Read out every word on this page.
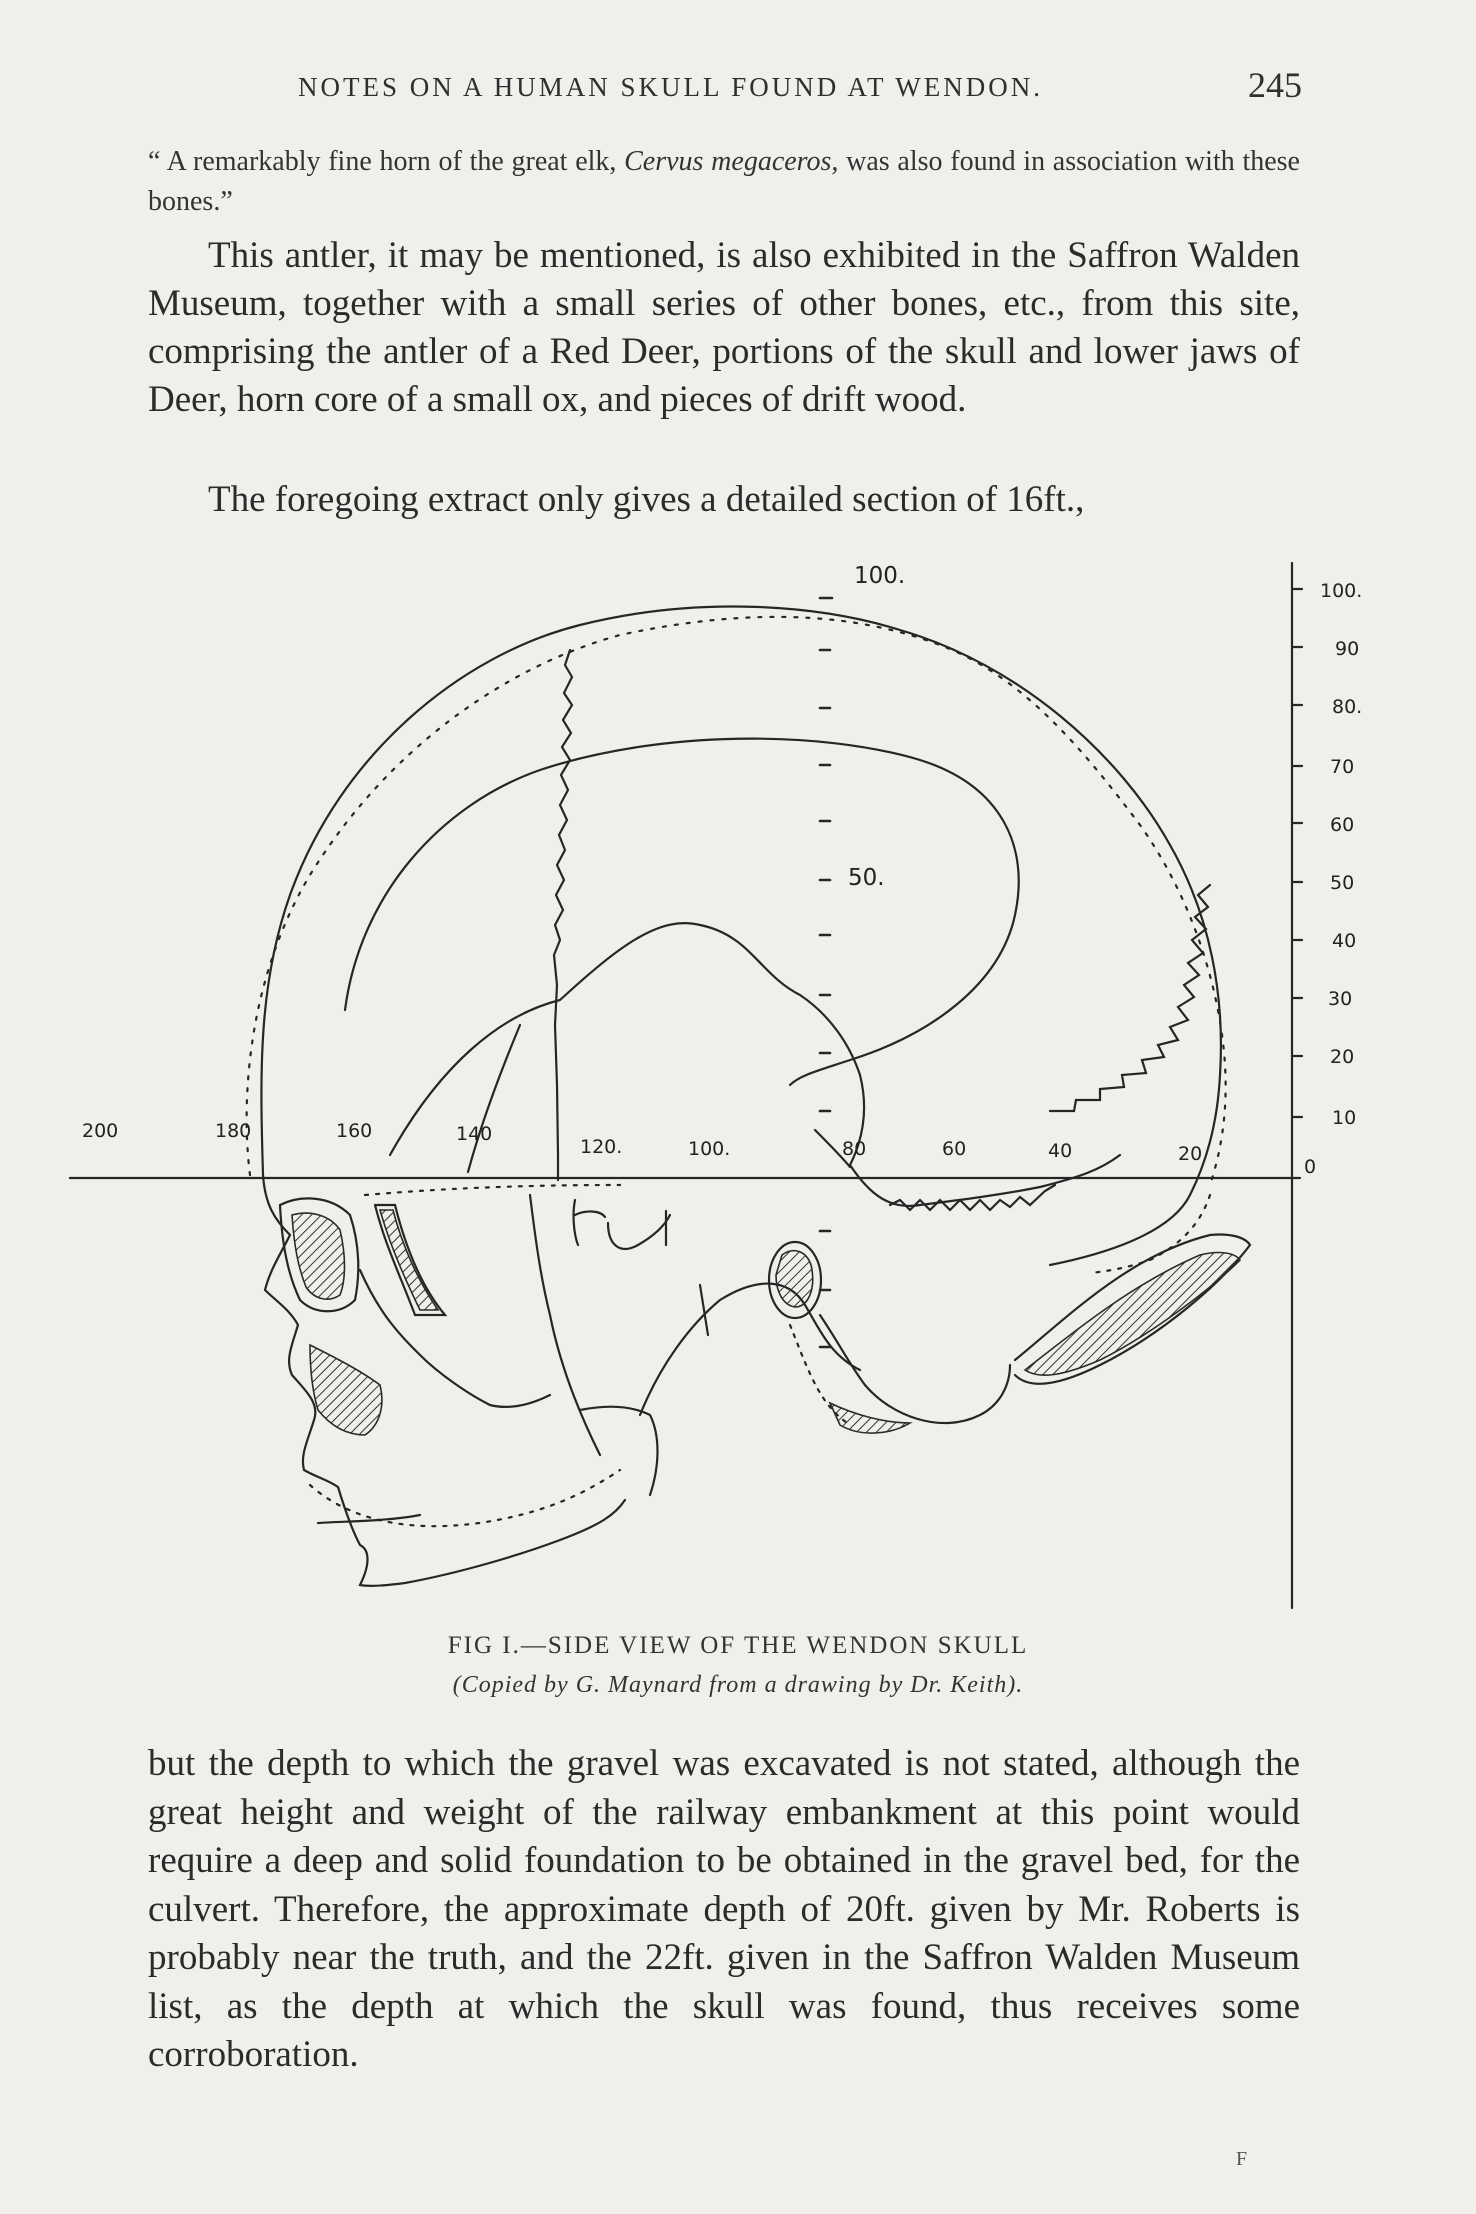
NOTES ON A HUMAN SKULL FOUND AT WENDON.	245
“ A remarkably fine horn of the great elk, Cervus megaceros, was also found in association with these bones.”
This antler, it may be mentioned, is also exhibited in the Saffron Walden Museum, together with a small series of other bones, etc., from this site, comprising the antler of a Red Deer, portions of the skull and lower jaws of Deer, horn core of a small ox, and pieces of drift wood.
The foregoing extract only gives a detailed section of 16ft.,
200	180	160	140
120.	100.	80	60	40	20
0
100.
90
80.
70
60
50
40
30
20
10
100.
50.
FIG I.—SIDE VIEW OF THE WENDON SKULL
(Copied by G. Maynard from a drawing by Dr. Keith).
but the depth to which the gravel was excavated is not stated, although the great height and weight of the railway embankment at this point would require a deep and solid foundation to be obtained in the gravel bed, for the culvert. Therefore, the approximate depth of 20ft. given by Mr. Roberts is probably near the truth, and the 22ft. given in the Saffron Walden Museum list, as the depth at which the skull was found, thus receives some corroboration.
F
